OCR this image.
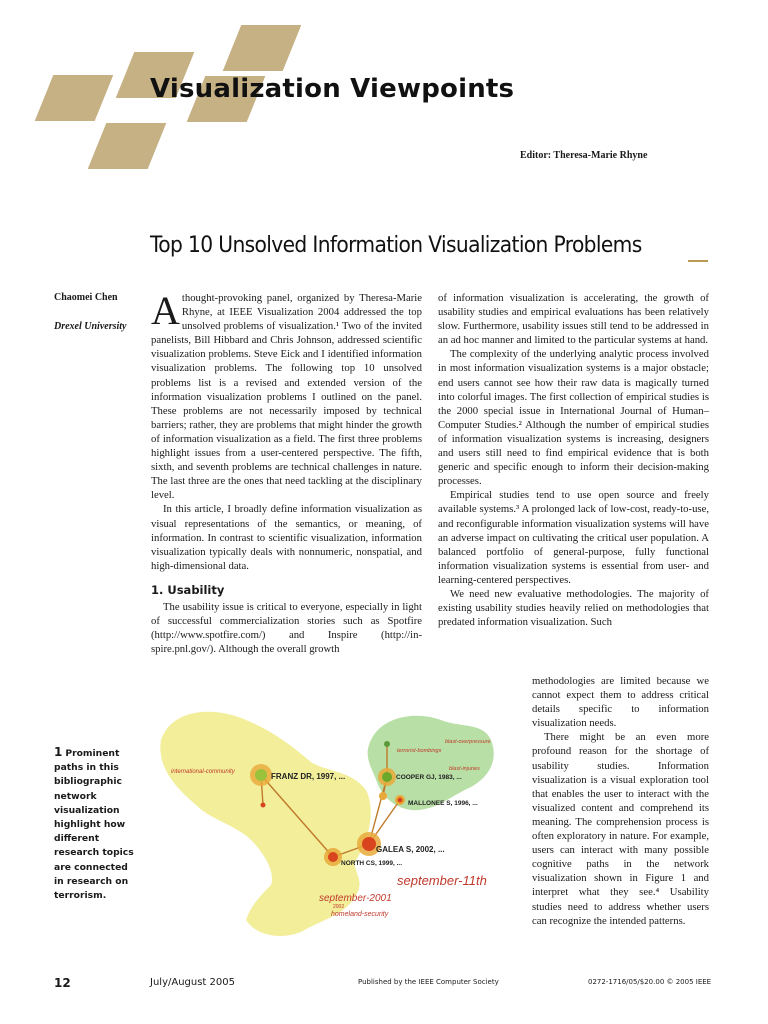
Visualization Viewpoints
Editor: Theresa-Marie Rhyne
Top 10 Unsolved Information Visualization Problems
Chaomei Chen
Drexel University Athought-provoking panel, organized by Theresa-Marie Rhyne, at IEEE Visualization 2004 addressed the top unsolved problems of visualization.¹ Two of the invited panelists, Bill Hibbard and Chris Johnson, addressed scientific visualization problems. Steve Eick and I identified information visualization problems. The following top 10 unsolved problems list is a revised and extended version of the information visualization problems I outlined on the panel. These problems are not necessarily imposed by technical barriers; rather, they are problems that might hinder the growth of information visualization as a field. The first three problems highlight issues from a user-centered perspective. The fifth, sixth, and seventh problems are technical challenges in nature. The last three are the ones that need tackling at the disciplinary level.

In this article, I broadly define information visualization as visual representations of the semantics, or meaning, of information. In contrast to scientific visualization, information visualization typically deals with nonnumeric, nonspatial, and high-dimensional data.

1. Usability

The usability issue is critical to everyone, especially in light of successful commercialization stories such as Spotfire (http://www.spotfire.com/) and Inspire (http://in-spire.pnl.gov/). Although the overall growth

of information visualization is accelerating, the growth of usability studies and empirical evaluations has been relatively slow. Furthermore, usability issues still tend to be addressed in an ad hoc manner and limited to the particular systems at hand.

The complexity of the underlying analytic process involved in most information visualization systems is a major obstacle; end users cannot see how their raw data is magically turned into colorful images. The first collection of empirical studies is the 2000 special issue in International Journal of Human–Computer Studies.² Although the number of empirical studies of information visualization systems is increasing, designers and users still need to find empirical evidence that is both generic and specific enough to inform their decision-making processes.

Empirical studies tend to use open source and freely available systems.³ A prolonged lack of low-cost, ready-to-use, and reconfigurable information visualization systems will have an adverse impact on cultivating the critical user population. A balanced portfolio of general-purpose, fully functional information visualization systems is essential from user- and learning-centered perspectives.

We need new evaluative methodologies. The majority of existing usability studies heavily relied on methodologies that predated information visualization. Such

methodologies are limited because we cannot expect them to address critical details specific to information visualization needs.

There might be an even more profound reason for the shortage of usability studies. Information visualization is a visual exploration tool that enables the user to interact with the visualized content and comprehend its meaning. The comprehension process is often exploratory in nature. For example, users can interact with many possible cognitive paths in the network visualization shown in Figure 1 and interpret what they see.⁴ Usability studies need to address whether users can recognize the intended patterns.

international-community	FRANZ DR, 1997, ...	COOPER GJ, 1983, ...
MALLONEE S, 1996, ...
GALEA S, 2002, ...
NORTH CS, 1999, ...
september-11th
september-2001
2002
homeland-security
blast-overpressure
terrorist-bombings
blast-injuries
1 Prominent paths in this bibliographic network visualization highlight how different research topics are connected in research on terrorism.
12	July/August 2005	Published by the IEEE Computer Society	0272-1716/05/$20.00 © 2005 IEEE
